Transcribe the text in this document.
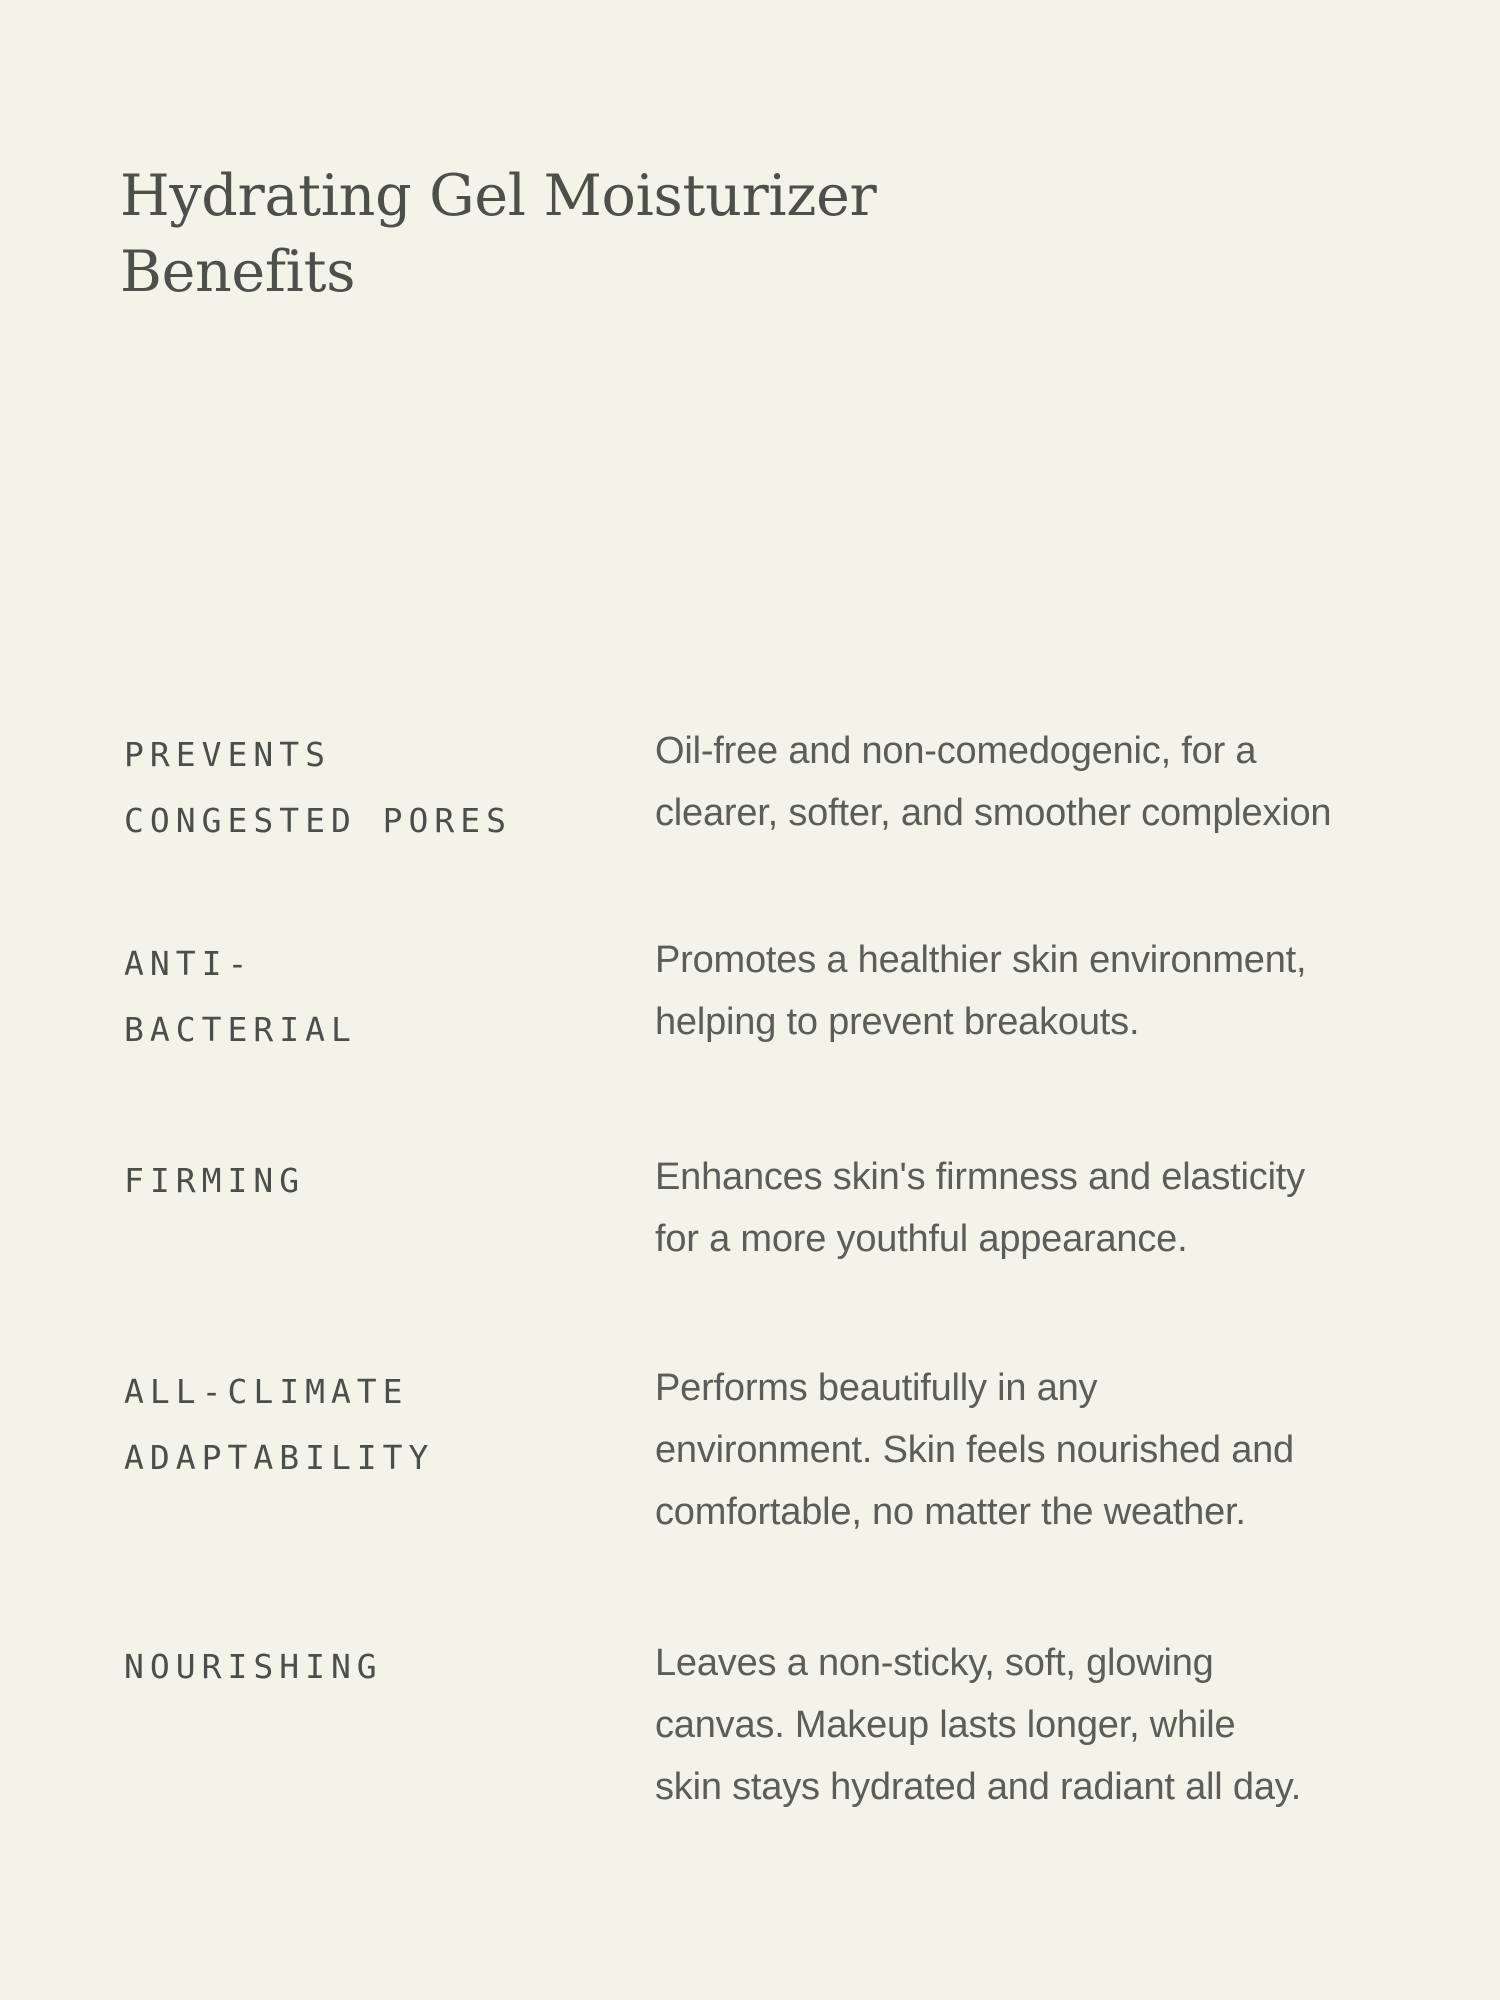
Hydrating Gel Moisturizer
Benefits
PREVENTS
CONGESTED PORES
Oil-free and non-comedogenic, for a
clearer, softer, and smoother complexion
ANTI-
BACTERIAL
Promotes a healthier skin environment,
helping to prevent breakouts.
FIRMING	Enhances skin's firmness and elasticity
for a more youthful appearance.
ALL-CLIMATE
ADAPTABILITY
Performs beautifully in any
environment. Skin feels nourished and
comfortable, no matter the weather.
NOURISHING	Leaves a non-sticky, soft, glowing
canvas. Makeup lasts longer, while
skin stays hydrated and radiant all day.
